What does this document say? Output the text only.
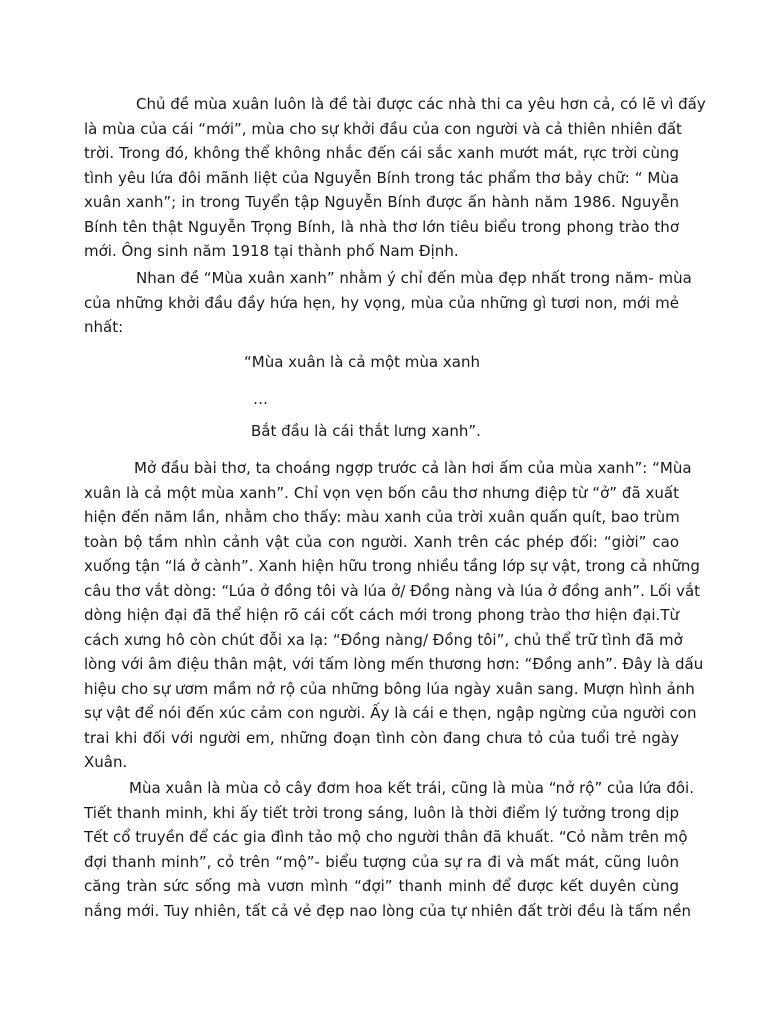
Chủ đề mùa xuân luôn là đề tài được các nhà thi ca yêu hơn cả, có lẽ vì đấy
là mùa của cái “mới”, mùa cho sự khởi đầu của con người và cả thiên nhiên đất
trời. Trong đó, không thể không nhắc đến cái sắc xanh mướt mát, rực trời cùng
tình yêu lứa đôi mãnh liệt của Nguyễn Bính trong tác phẩm thơ bảy chữ: “ Mùa
xuân xanh”; in trong Tuyển tập Nguyễn Bính được ấn hành năm 1986. Nguyễn
Bính tên thật Nguyễn Trọng Bính, là nhà thơ lớn tiêu biểu trong phong trào thơ
mới. Ông sinh năm 1918 tại thành phố Nam Định.
Nhan đề “Mùa xuân xanh” nhằm ý chỉ đến mùa đẹp nhất trong năm- mùa
của những khởi đầu đầy hứa hẹn, hy vọng, mùa của những gì tươi non, mới mẻ
nhất:
“Mùa xuân là cả một mùa xanh
…
Bắt đầu là cái thắt lưng xanh”.
Mở đầu bài thơ, ta choáng ngợp trước cả làn hơi ấm của mùa xanh”: “Mùa
xuân là cả một mùa xanh”. Chỉ vọn vẹn bốn câu thơ nhưng điệp từ “ở” đã xuất
hiện đến năm lần, nhằm cho thấy: màu xanh của trời xuân quấn quít, bao trùm
toàn bộ tầm nhìn cảnh vật của con người. Xanh trên các phép đối: “giời” cao
xuống tận “lá ở cành”. Xanh hiện hữu trong nhiều tầng lớp sự vật, trong cả những
câu thơ vắt dòng: “Lúa ở đồng tôi và lúa ở/ Đồng nàng và lúa ở đồng anh”. Lối vắt
dòng hiện đại đã thể hiện rõ cái cốt cách mới trong phong trào thơ hiện đại.Từ
cách xưng hô còn chút đỗi xa lạ: “Đồng nàng/ Đồng tôi”, chủ thể trữ tình đã mở
lòng với âm điệu thân mật, với tấm lòng mến thương hơn: “Đồng anh”. Đây là dấu
hiệu cho sự ươm mầm nở rộ của những bông lúa ngày xuân sang. Mượn hình ảnh
sự vật để nói đến xúc cảm con người. Ấy là cái e thẹn, ngập ngừng của người con
trai khi đối với người em, những đoạn tình còn đang chưa tỏ của tuổi trẻ ngày
Xuân.
Mùa xuân là mùa cỏ cây đơm hoa kết trái, cũng là mùa “nở rộ” của lứa đôi.
Tiết thanh minh, khi ấy tiết trời trong sáng, luôn là thời điểm lý tưởng trong dịp
Tết cổ truyền để các gia đình tảo mộ cho người thân đã khuất. “Cỏ nằm trên mộ
đợi thanh minh”, cỏ trên “mộ”- biểu tượng của sự ra đi và mất mát, cũng luôn
căng tràn sức sống mà vươn mình “đợi” thanh minh để được kết duyên cùng
nắng mới. Tuy nhiên, tất cả vẻ đẹp nao lòng của tự nhiên đất trời đều là tấm nền
